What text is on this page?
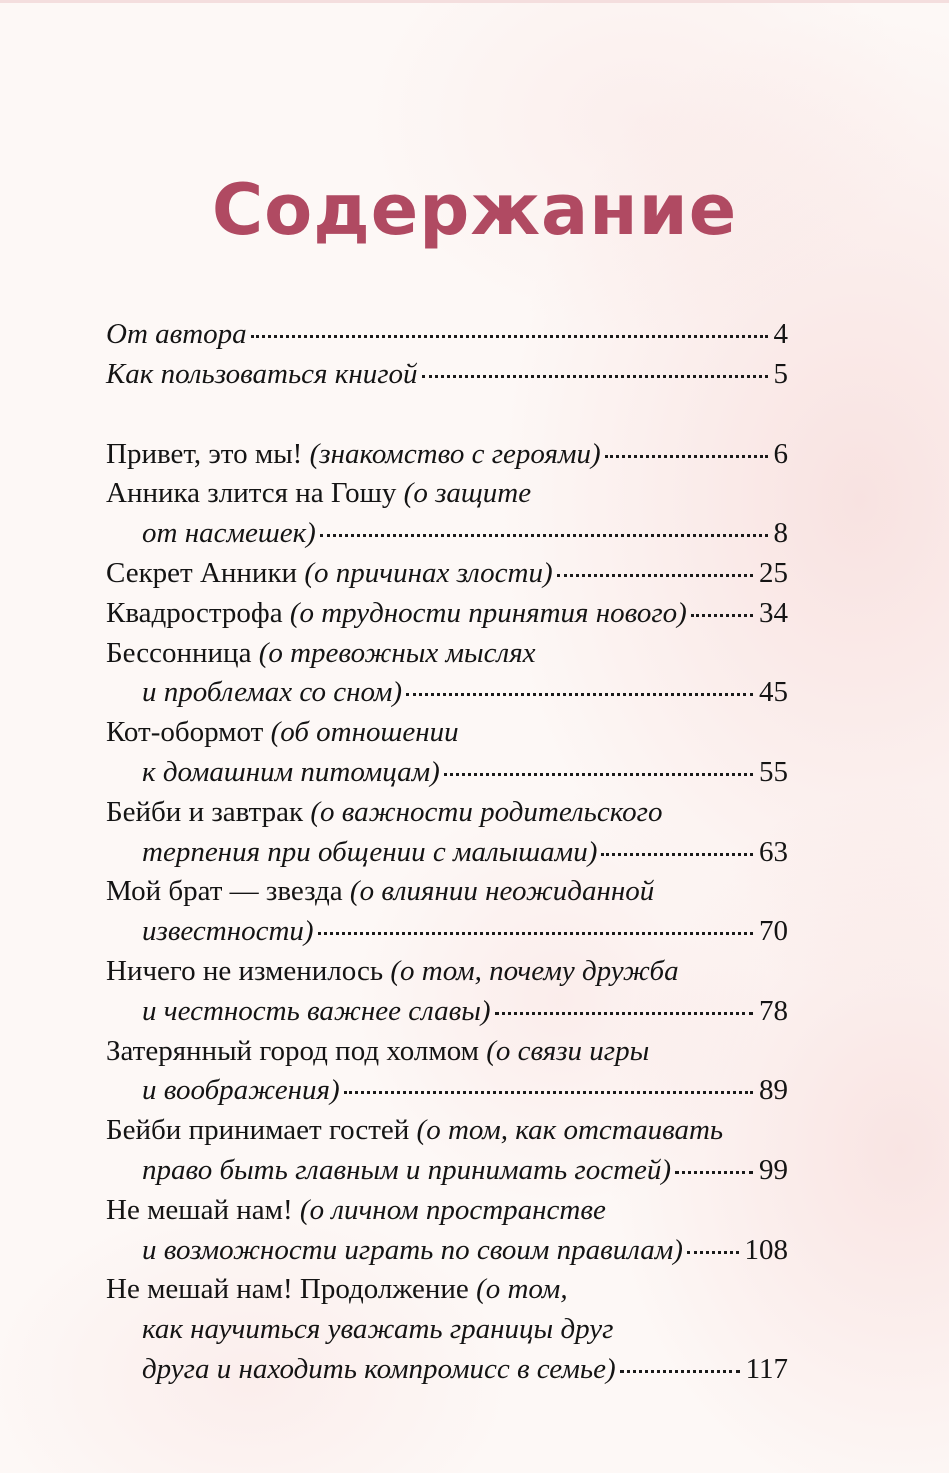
Содержание
От автора	4
Как пользоваться книгой	5
Привет, это мы! (знакомство с героями)	6
Анника злится на Гошу (о защите
от насмешек)	8
Секрет Анники (о причинах злости)	25
Квадрострофа (о трудности принятия нового) 34
Бессонница (о тревожных мыслях
и проблемах со сном)	45
Кот-обормот (об отношении
к домашним питомцам)	55
Бейби и завтрак (о важности родительского
терпения при общении с малышами)	63
Мой брат — звезда (о влиянии неожиданной
известности)	70
Ничего не изменилось (о том, почему дружба
и честность важнее славы)	78
Затерянный город под холмом (о связи игры
и воображения)	89
Бейби принимает гостей (о том, как отстаивать
право быть главным и принимать гостей)	99
Не мешай нам! (о личном пространстве
и возможности играть по своим правилам) 108
Не мешай нам! Продолжение (о том,
как научиться уважать границы друг
друга и находить компромисс в семье)	117
